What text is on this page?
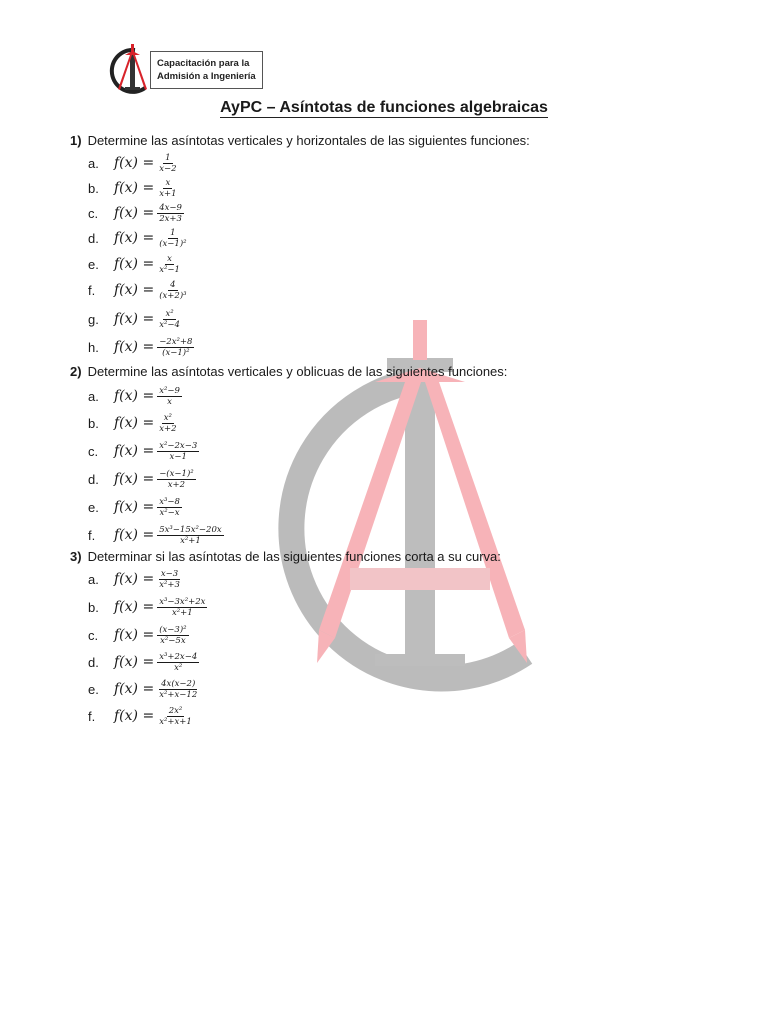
Capacitación para la
Admisión a Ingeniería
AyPC – Asíntotas de funciones algebraicas
1) Determine las asíntotas verticales y horizontales de las siguientes funciones:
a.	$f(x) = \frac{1}{x-2}$
b.	$f(x) = \frac{x}{x+1}$
c.	$f(x) = \frac{4x-9}{2x+3}$
d.	$f(x) = \frac{1}{\text{(x−1)²}}$
e.	$f(x) = \frac{x}{\text{x²−1}}$
f.	$f(x) = \frac{4}{\text{(x+2)³}}$
g.	$f(x) = \frac{\text{x²}}{\text{x²−4}}$
h.	$f(x) = \frac{\text{−2x²+8}}{\text{(x−1)²}}$
2) Determine las asíntotas verticales y oblicuas de las siguientes funciones:
a.	$f(x) = \frac{\text{x²−9}}{x}$
b.	$f(x) = \frac{\text{x²}}{x+2}$
c.	$f(x) = \frac{\text{x²−2x−3}}{x-1}$
d.	$f(x) = \frac{\text{−(x−1)²}}{x+2}$
e.	$f(x) = \frac{\text{x³−8}}{\text{x²−x}}$
f.	$f(x) = \frac{\text{5x³−15x²−20x}}{\text{x²+1}}$
3) Determinar si las asíntotas de las siguientes funciones corta a su curva:
a.	$f(x) = \frac{x-3}{\text{x²+3}}$
b.	$f(x) = \frac{\text{x³−3x²+2x}}{\text{x²+1}}$
c.	$f(x) = \frac{\text{(x−3)²}}{\text{x²−5x}}$
d.	$f(x) = \frac{\text{x³+2x−4}}{\text{x²}}$
e.	$f(x) = \frac{4x(x-2)}{\text{x²+x−12}}$
f.	$f(x) = \frac{\text{2x²}}{\text{x²+x+1}}$
